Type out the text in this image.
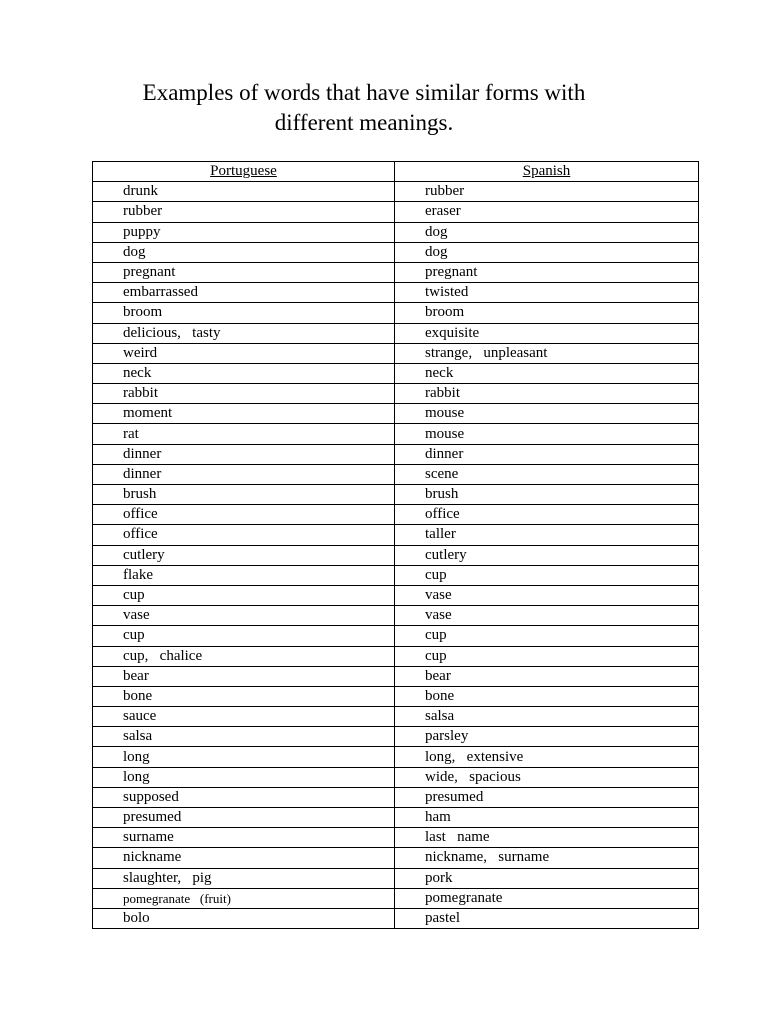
Examples of words that have similar forms with
different meanings.
Portuguese	Spanish
drunk	rubber
rubber	eraser
puppy	dog
dog	dog
pregnant	pregnant
embarrassed	twisted
broom	broom
delicious,   tasty	exquisite
weird	strange,   unpleasant
neck	neck
rabbit	rabbit
moment	mouse
rat	mouse
dinner	dinner
dinner	scene
brush	brush
office	office
office	taller
cutlery	cutlery
flake	cup
cup	vase
vase	vase
cup	cup
cup,   chalice	cup
bear	bear
bone	bone
sauce	salsa
salsa	parsley
long	long,   extensive
long	wide,   spacious
supposed	presumed
presumed	ham
surname	last   name
nickname	nickname,   surname
slaughter,   pig	pork
pomegranate   (fruit)	pomegranate
bolo	pastel
